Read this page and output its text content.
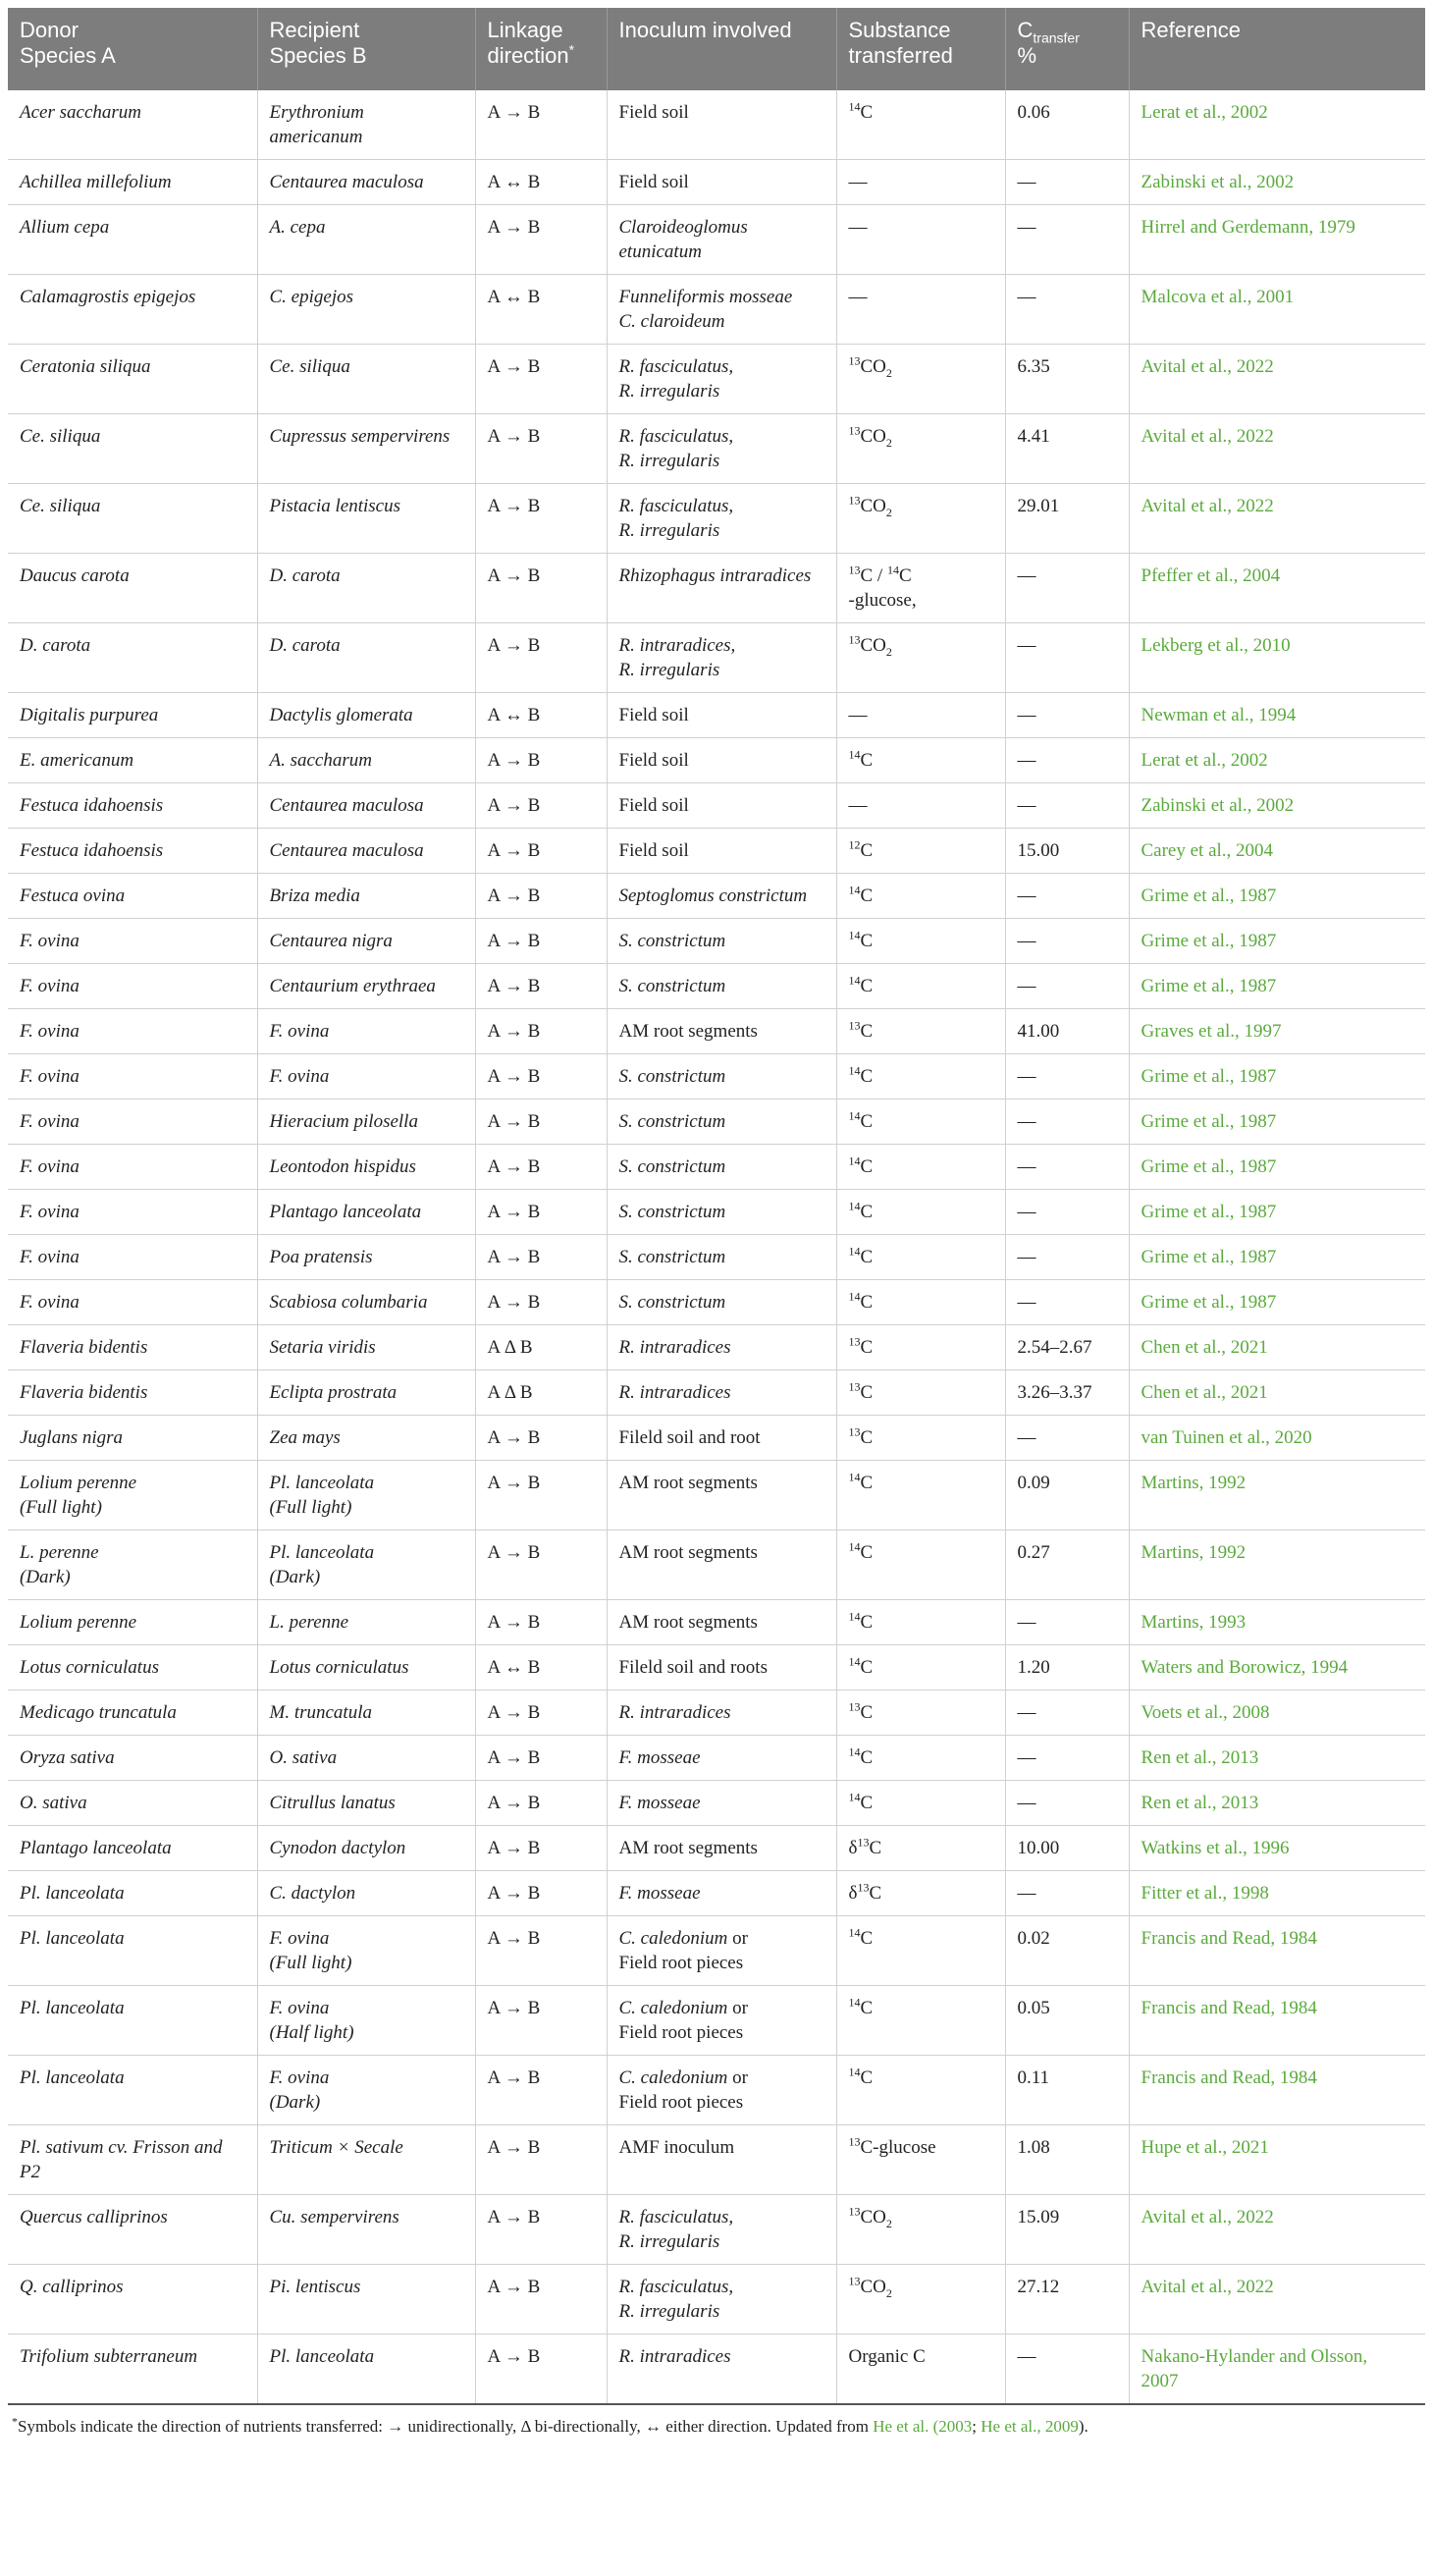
Donor
Species A	Recipient
Species B	Linkage
direction*	Inoculum involved	Substance
transferred	$C_{transfer}$
%	Reference

Acer saccharum	Erythronium
americanum	A → B	Field soil	$^{14}$C	0.06	Lerat et al., 2002

Achillea millefolium	Centaurea maculosa	A ↔ B	Field soil	—	—	Zabinski et al., 2002

Allium cepa	A. cepa	A → B	Claroideoglomus
etunicatum	—	—	Hirrel and Gerdemann, 1979

Calamagrostis epigejos	C. epigejos	A ↔ B	Funneliformis mosseae
C. claroideum	—	—	Malcova et al., 2001

Ceratonia siliqua	Ce. siliqua	A → B	R. fasciculatus,
R. irregularis	$^{13}CO_2$	6.35	Avital et al., 2022

Ce. siliqua	Cupressus sempervirens	A → B	R. fasciculatus,
R. irregularis	$^{13}CO_2$	4.41	Avital et al., 2022

Ce. siliqua	Pistacia lentiscus	A → B	R. fasciculatus,
R. irregularis	$^{13}CO_2$	29.01	Avital et al., 2022

Daucus carota	D. carota	A → B	Rhizophagus intraradices	$^{13}$C / $^{14}$C
-glucose,	—	Pfeffer et al., 2004

D. carota	D. carota	A → B	R. intraradices,
R. irregularis	$^{13}CO_2$	—	Lekberg et al., 2010

Digitalis purpurea	Dactylis glomerata	A ↔ B	Field soil	—	—	Newman et al., 1994

E. americanum	A. saccharum	A → B	Field soil	$^{14}$C	—	Lerat et al., 2002

Festuca idahoensis	Centaurea maculosa	A → B	Field soil	—	—	Zabinski et al., 2002

Festuca idahoensis	Centaurea maculosa	A → B	Field soil	$^{12}$C	15.00	Carey et al., 2004

Festuca ovina	Briza media	A → B	Septoglomus constrictum	$^{14}$C	—	Grime et al., 1987

F. ovina	Centaurea nigra	A → B	S. constrictum	$^{14}$C	—	Grime et al., 1987

F. ovina	Centaurium erythraea	A → B	S. constrictum	$^{14}$C	—	Grime et al., 1987

F. ovina	F. ovina	A → B	AM root segments	$^{13}$C	41.00	Graves et al., 1997

F. ovina	F. ovina	A → B	S. constrictum	$^{14}$C	—	Grime et al., 1987

F. ovina	Hieracium pilosella	A → B	S. constrictum	$^{14}$C	—	Grime et al., 1987

F. ovina	Leontodon hispidus	A → B	S. constrictum	$^{14}$C	—	Grime et al., 1987

F. ovina	Plantago lanceolata	A → B	S. constrictum	$^{14}$C	—	Grime et al., 1987

F. ovina	Poa pratensis	A → B	S. constrictum	$^{14}$C	—	Grime et al., 1987

F. ovina	Scabiosa columbaria	A → B	S. constrictum	$^{14}$C	—	Grime et al., 1987

Flaveria bidentis	Setaria viridis	A Δ B	R. intraradices	$^{13}$C	2.54–2.67	Chen et al., 2021

Flaveria bidentis	Eclipta prostrata	A Δ B	R. intraradices	$^{13}$C	3.26–3.37	Chen et al., 2021

Juglans nigra	Zea mays	A → B	Fileld soil and root	$^{13}$C	—	van Tuinen et al., 2020

Lolium perenne
(Full light)	Pl. lanceolata
(Full light)	A → B	AM root segments	$^{14}$C	0.09	Martins, 1992

L. perenne
(Dark)	Pl. lanceolata
(Dark)	A → B	AM root segments	$^{14}$C	0.27	Martins, 1992

Lolium perenne	L. perenne	A → B	AM root segments	$^{14}$C	—	Martins, 1993

Lotus corniculatus	Lotus corniculatus	A ↔ B	Fileld soil and roots	$^{14}$C	1.20	Waters and Borowicz, 1994

Medicago truncatula	M. truncatula	A → B	R. intraradices	$^{13}$C	—	Voets et al., 2008

Oryza sativa	O. sativa	A → B	F. mosseae	$^{14}$C	—	Ren et al., 2013

O. sativa	Citrullus lanatus	A → B	F. mosseae	$^{14}$C	—	Ren et al., 2013

Plantago lanceolata	Cynodon dactylon	A → B	AM root segments	$\delta^{13}C$	10.00	Watkins et al., 1996

Pl. lanceolata	C. dactylon	A → B	F. mosseae	$\delta^{13}C$	—	Fitter et al., 1998

Pl. lanceolata	F. ovina
(Full light)	A → B	C. caledonium or
Field root pieces	$^{14}$C	0.02	Francis and Read, 1984

Pl. lanceolata	F. ovina
(Half light)	A → B	C. caledonium or
Field root pieces	$^{14}$C	0.05	Francis and Read, 1984

Pl. lanceolata	F. ovina
(Dark)	A → B	C. caledonium or
Field root pieces	$^{14}$C	0.11	Francis and Read, 1984

Pl. sativum cv. Frisson and
P2	Triticum × Secale	A → B	AMF inoculum	$^{13}$C-glucose	1.08	Hupe et al., 2021

Quercus calliprinos	Cu. sempervirens	A → B	R. fasciculatus,
R. irregularis	$^{13}CO_2$	15.09	Avital et al., 2022

Q. calliprinos	Pi. lentiscus	A → B	R. fasciculatus,
R. irregularis	$^{13}CO_2$	27.12	Avital et al., 2022

Trifolium subterraneum	Pl. lanceolata	A → B	R. intraradices	Organic C	—	Nakano-Hylander and Olsson,
2007
*Symbols indicate the direction of nutrients transferred: → unidirectionally, Δ bi-directionally, ↔ either direction. Updated from He et al. (2003; He et al., 2009).
